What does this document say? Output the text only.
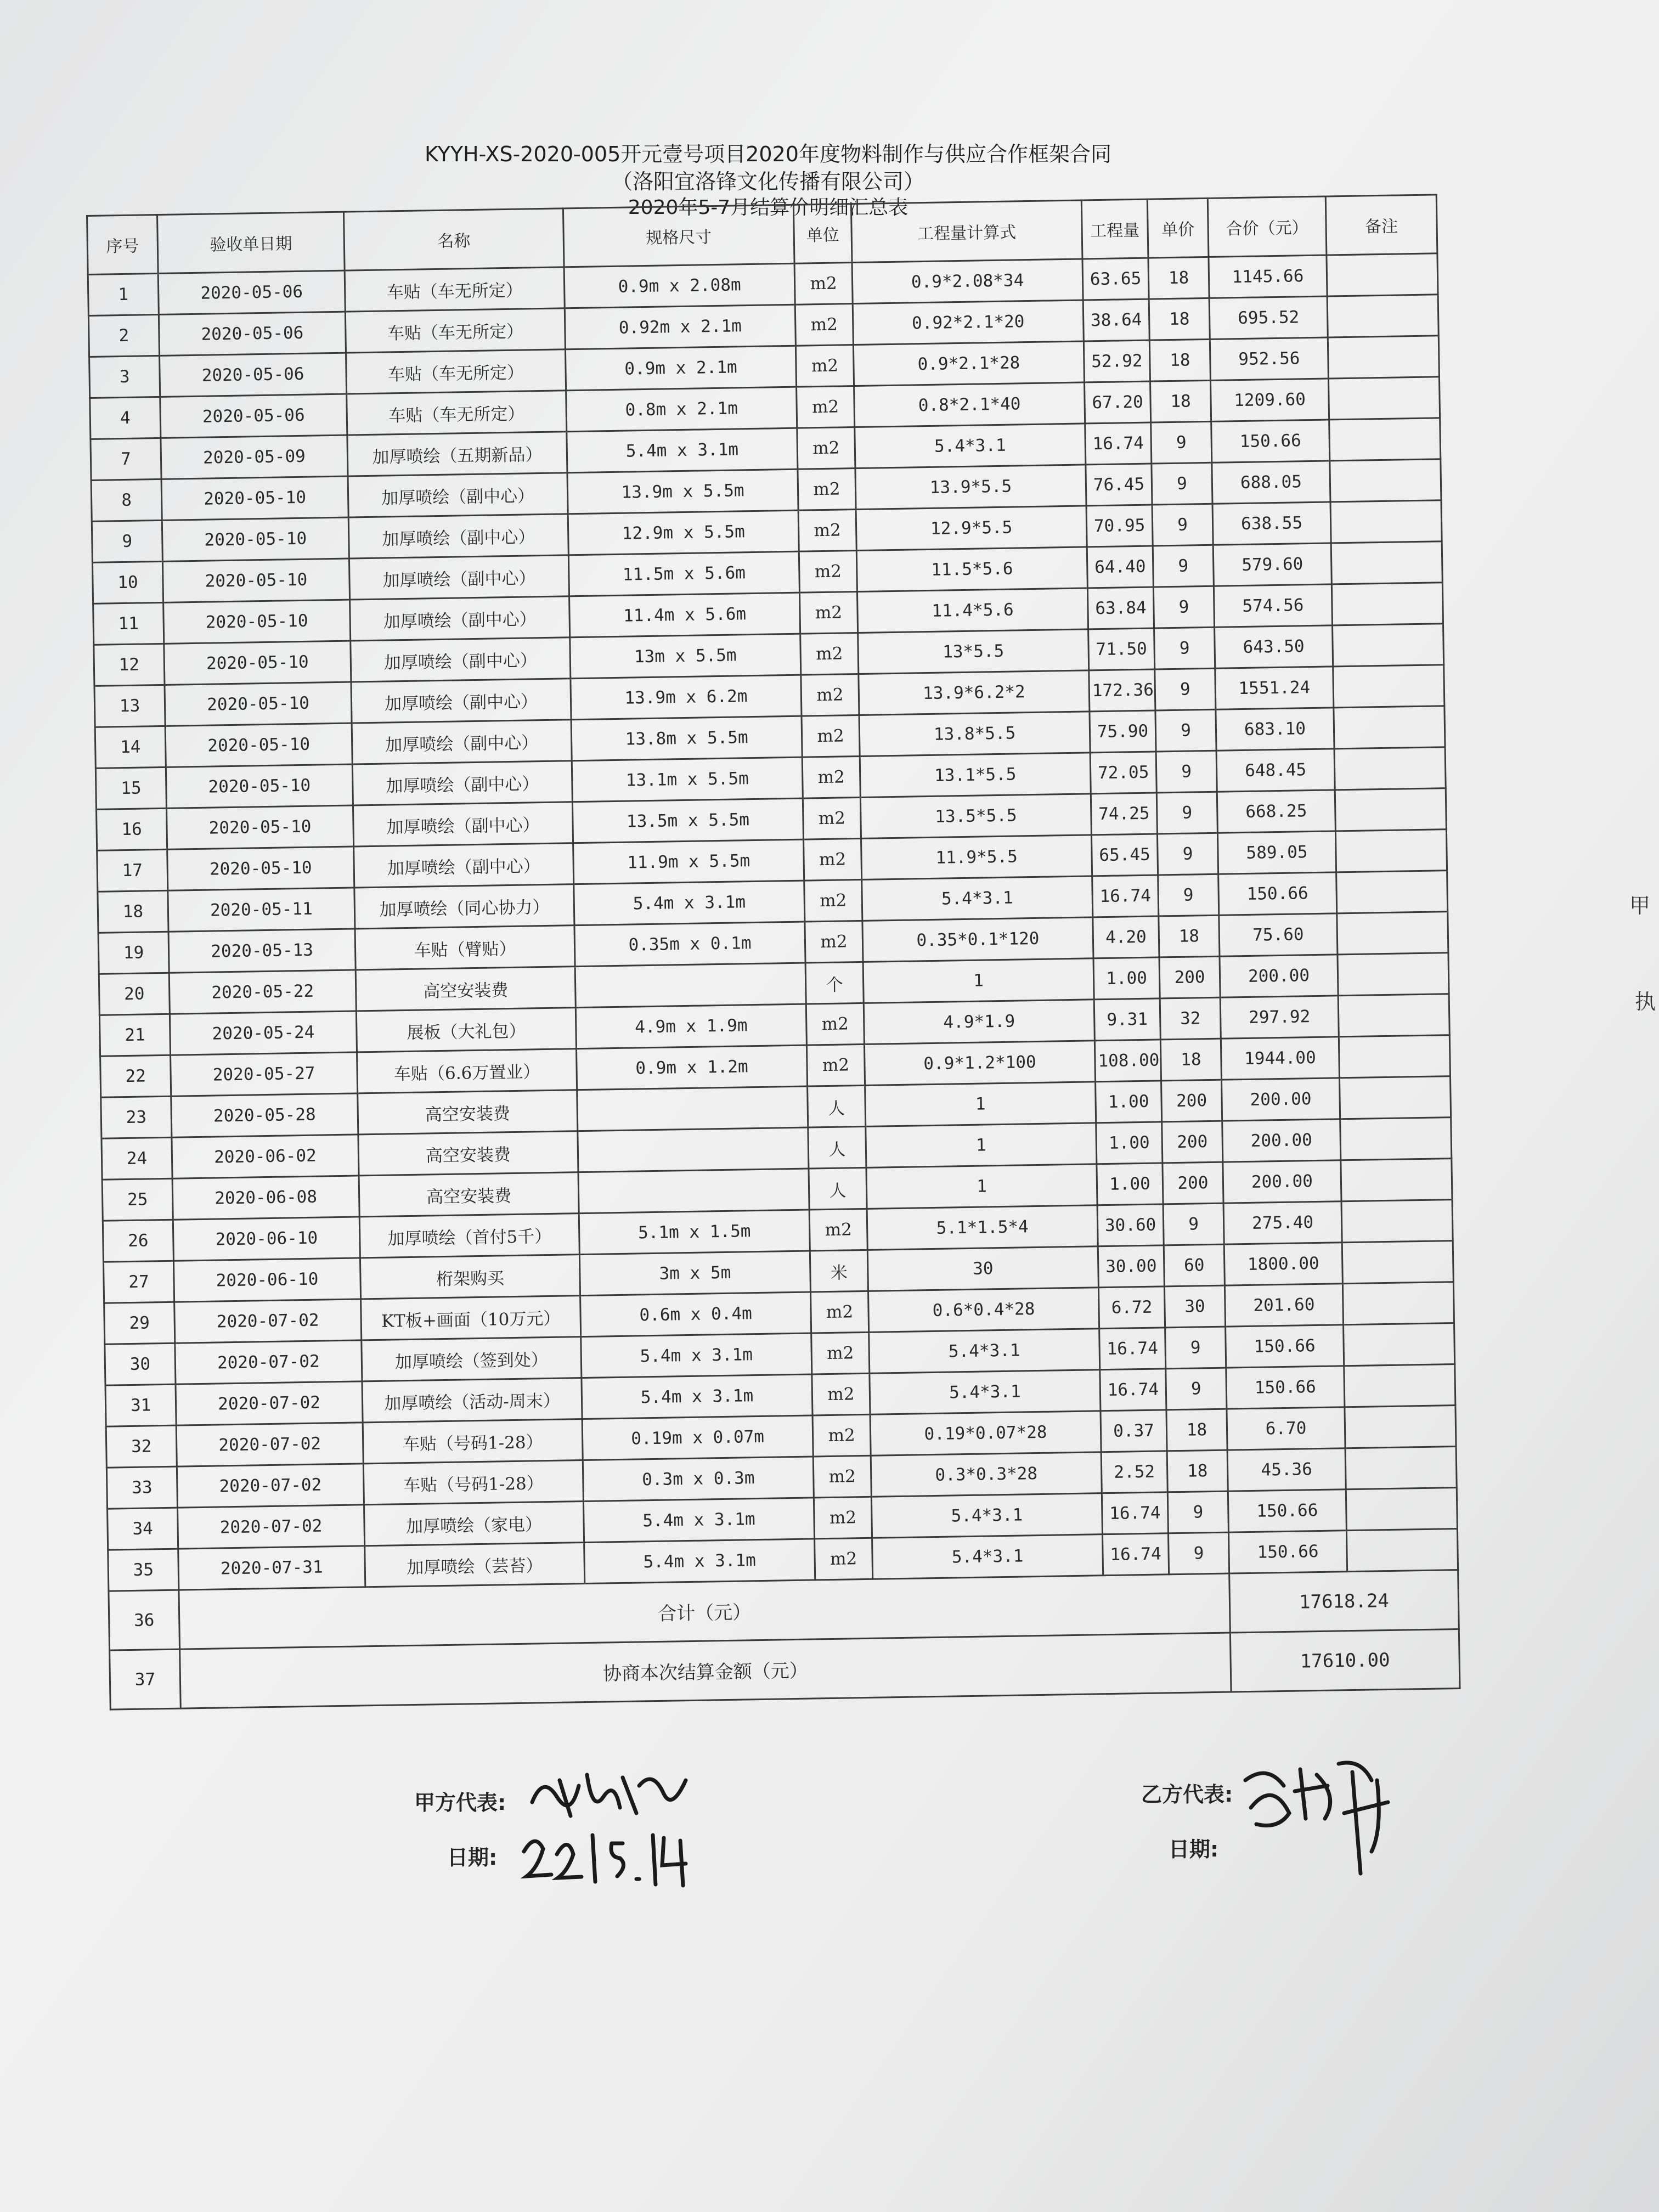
KYYH-XS-2020-005开元壹号项目2020年度物料制作与供应合作框架合同
（洛阳宜洛锋文化传播有限公司）
2020年5-7月结算价明细汇总表
序号	验收单日期	名称	规格尺寸	单位	工程量计算式	工程量	单价	合价（元）	备注
1	2020-05-06	车贴（车无所定）	0.9m x 2.08m	m2	0.9*2.08*34	63.65	18	1145.66	
2	2020-05-06	车贴（车无所定）	0.92m x 2.1m	m2	0.92*2.1*20	38.64	18	695.52	
3	2020-05-06	车贴（车无所定）	0.9m x 2.1m	m2	0.9*2.1*28	52.92	18	952.56	
4	2020-05-06	车贴（车无所定）	0.8m x 2.1m	m2	0.8*2.1*40	67.20	18	1209.60	
7	2020-05-09	加厚喷绘（五期新品）	5.4m x 3.1m	m2	5.4*3.1	16.74	9	150.66	
8	2020-05-10	加厚喷绘（副中心）	13.9m x 5.5m	m2	13.9*5.5	76.45	9	688.05	
9	2020-05-10	加厚喷绘（副中心）	12.9m x 5.5m	m2	12.9*5.5	70.95	9	638.55	
10	2020-05-10	加厚喷绘（副中心）	11.5m x 5.6m	m2	11.5*5.6	64.40	9	579.60	
11	2020-05-10	加厚喷绘（副中心）	11.4m x 5.6m	m2	11.4*5.6	63.84	9	574.56	
12	2020-05-10	加厚喷绘（副中心）	13m x 5.5m	m2	13*5.5	71.50	9	643.50	
13	2020-05-10	加厚喷绘（副中心）	13.9m x 6.2m	m2	13.9*6.2*2	172.36	9	1551.24	
14	2020-05-10	加厚喷绘（副中心）	13.8m x 5.5m	m2	13.8*5.5	75.90	9	683.10	
15	2020-05-10	加厚喷绘（副中心）	13.1m x 5.5m	m2	13.1*5.5	72.05	9	648.45	
16	2020-05-10	加厚喷绘（副中心）	13.5m x 5.5m	m2	13.5*5.5	74.25	9	668.25	
17	2020-05-10	加厚喷绘（副中心）	11.9m x 5.5m	m2	11.9*5.5	65.45	9	589.05	
18	2020-05-11	加厚喷绘（同心协力）	5.4m x 3.1m	m2	5.4*3.1	16.74	9	150.66	
19	2020-05-13	车贴（臂贴）	0.35m x 0.1m	m2	0.35*0.1*120	4.20	18	75.60	
20	2020-05-22	高空安装费		个	1	1.00	200	200.00	
21	2020-05-24	展板（大礼包）	4.9m x 1.9m	m2	4.9*1.9	9.31	32	297.92	
22	2020-05-27	车贴（6.6万置业）	0.9m x 1.2m	m2	0.9*1.2*100	108.00	18	1944.00	
23	2020-05-28	高空安装费		人	1	1.00	200	200.00	
24	2020-06-02	高空安装费		人	1	1.00	200	200.00	
25	2020-06-08	高空安装费		人	1	1.00	200	200.00	
26	2020-06-10	加厚喷绘（首付5千）	5.1m x 1.5m	m2	5.1*1.5*4	30.60	9	275.40	
27	2020-06-10	桁架购买	3m x 5m	米	30	30.00	60	1800.00	
29	2020-07-02	KT板+画面（10万元）	0.6m x 0.4m	m2	0.6*0.4*28	6.72	30	201.60	
30	2020-07-02	加厚喷绘（签到处）	5.4m x 3.1m	m2	5.4*3.1	16.74	9	150.66	
31	2020-07-02	加厚喷绘（活动-周末）	5.4m x 3.1m	m2	5.4*3.1	16.74	9	150.66	
32	2020-07-02	车贴（号码1-28）	0.19m x 0.07m	m2	0.19*0.07*28	0.37	18	6.70	
33	2020-07-02	车贴（号码1-28）	0.3m x 0.3m	m2	0.3*0.3*28	2.52	18	45.36	
34	2020-07-02	加厚喷绘（家电）	5.4m x 3.1m	m2	5.4*3.1	16.74	9	150.66	
35	2020-07-31	加厚喷绘（芸苔）	5.4m x 3.1m	m2	5.4*3.1	16.74	9	150.66	
36	合计（元）							17618.24	
37	协商本次结算金额（元）							17610.00	
甲方代表:
日期:
乙方代表:
日期:
甲
执
